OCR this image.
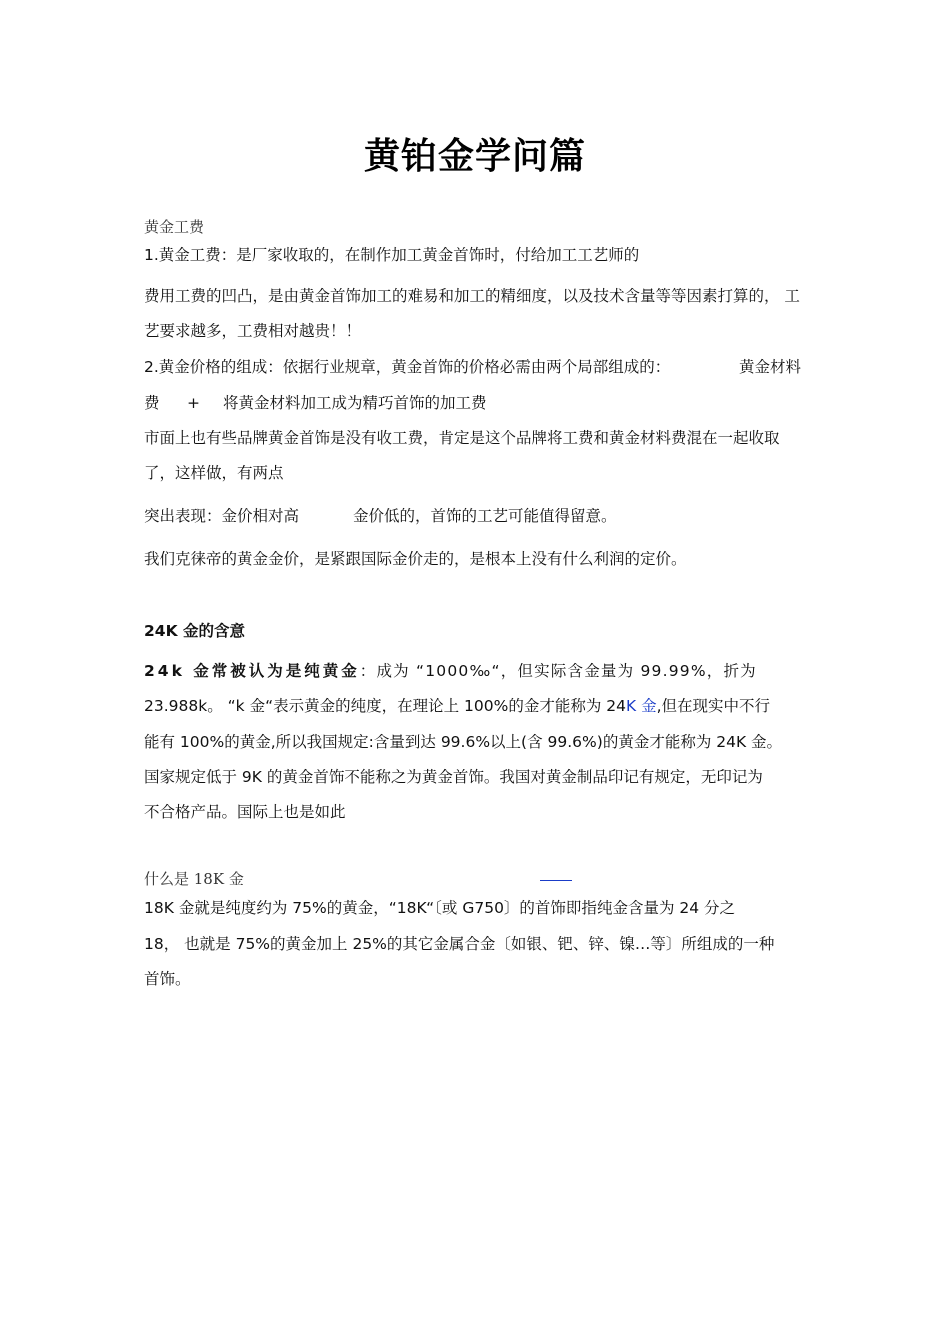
黄铂金学问篇

黄金工费

1.黄金工费：是厂家收取的，在制作加工黄金首饰时，付给加工工艺师的

费用工费的凹凸，是由黄金首饰加工的难易和加工的精细度，以及技术含量等等因素打算的， 工

艺要求越多，工费相对越贵！！

2.黄金价格的组成：依据行业规章，黄金首饰的价格必需由两个局部组成的：	黄金材料

费 + 将黄金材料加工成为精巧首饰的加工费

市面上也有些品牌黄金首饰是没有收工费，肯定是这个品牌将工费和黄金材料费混在一起收取

了，这样做，有两点

突出表现：金价相对高	金价低的，首饰的工艺可能值得留意。

我们克徕帝的黄金金价，是紧跟国际金价走的，是根本上没有什么利润的定价。

24K 金的含意

24k 金常被认为是纯黄金：成为 “1000‰“，但实际含金量为 99.99%，折为

23.988k。 “k 金“表示黄金的纯度，在理论上 100%的金才能称为 24K 金,但在现实中不行

能有 100%的黄金,所以我国规定:含量到达 99.6%以上(含 99.6%)的黄金才能称为 24K 金。

国家规定低于 9K 的黄金首饰不能称之为黄金首饰。我国对黄金制品印记有规定，无印记为

不合格产品。国际上也是如此

什么是 18K 金

18K 金就是纯度约为 75%的黄金，“18K“〔或 G750〕的首饰即指纯金含量为 24 分之

18， 也就是 75%的黄金加上 25%的其它金属合金〔如银、钯、锌、镍…等〕所组成的一种

首饰。
